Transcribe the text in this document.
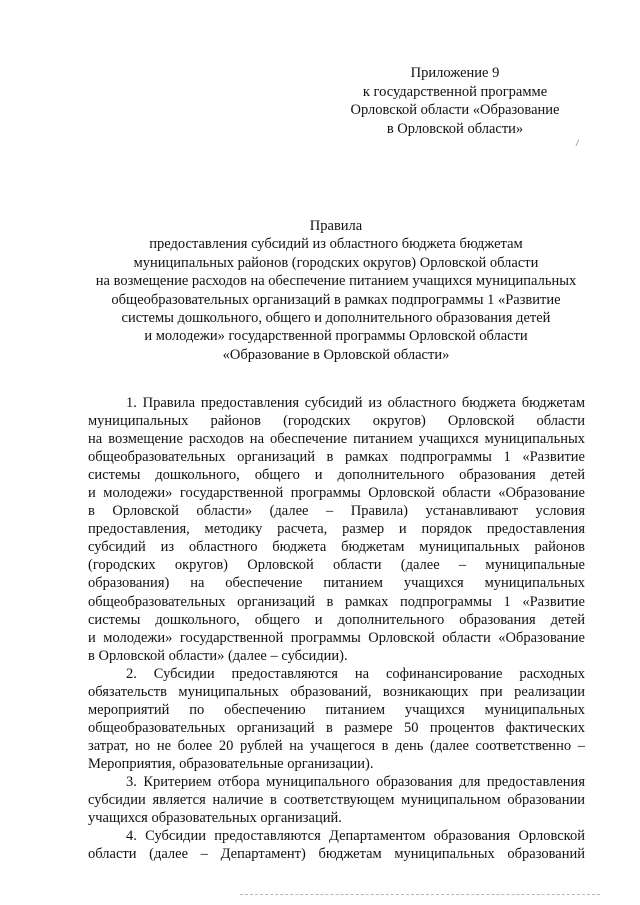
Приложение 9
к государственной программе
Орловской области «Образование
в Орловской области»
/
Правила
предоставления субсидий из областного бюджета бюджетам
муниципальных районов (городских округов) Орловской области
на возмещение расходов на обеспечение питанием учащихся муниципальных
общеобразовательных организаций в рамках подпрограммы 1 «Развитие
системы дошкольного, общего и дополнительного образования детей
и молодежи» государственной программы Орловской области
«Образование в Орловской области»
1. Правила предоставления субсидий из областного бюджета бюджетам
муниципальных районов (городских округов) Орловской области
на возмещение расходов на обеспечение питанием учащихся муниципальных
общеобразовательных организаций в рамках подпрограммы 1 «Развитие
системы дошкольного, общего и дополнительного образования детей
и молодежи» государственной программы Орловской области «Образование
в Орловской области» (далее – Правила) устанавливают условия
предоставления, методику расчета, размер и порядок предоставления
субсидий из областного бюджета бюджетам муниципальных районов
(городских округов) Орловской области (далее – муниципальные
образования) на обеспечение питанием учащихся муниципальных
общеобразовательных организаций в рамках подпрограммы 1 «Развитие
системы дошкольного, общего и дополнительного образования детей
и молодежи» государственной программы Орловской области «Образование
в Орловской области» (далее – субсидии).
2. Субсидии предоставляются на софинансирование расходных
обязательств муниципальных образований, возникающих при реализации
мероприятий по обеспечению питанием учащихся муниципальных
общеобразовательных организаций в размере 50 процентов фактических
затрат, но не более 20 рублей на учащегося в день (далее соответственно –
Мероприятия, образовательные организации).
3. Критерием отбора муниципального образования для предоставления
субсидии является наличие в соответствующем муниципальном образовании
учащихся образовательных организаций.
4. Субсидии предоставляются Департаментом образования Орловской
области (далее – Департамент) бюджетам муниципальных образований
